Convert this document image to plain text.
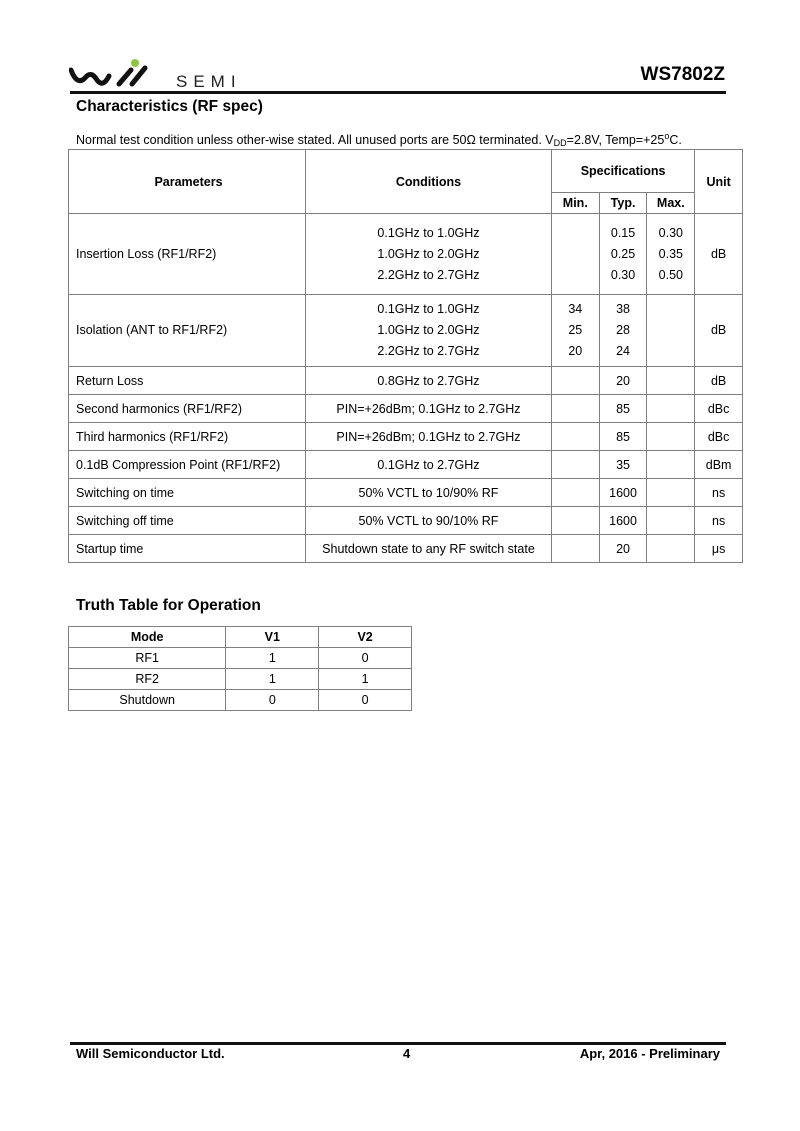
SEMI	WS7802Z
Characteristics (RF spec)
Normal test condition unless other-wise stated. All unused ports are 50Ω terminated. $V_{DD}=2.8V$, $Temp=+25^oC$.
Parameters	Conditions	Specifications			Unit
		Min.	Typ.	Max.	
Insertion Loss (RF1/RF2)	0.1GHz to 1.0GHz
1.0GHz to 2.0GHz
2.2GHz to 2.7GHz		0.15
0.25
0.30	0.30
0.35
0.50	dB
Isolation (ANT to RF1/RF2)	0.1GHz to 1.0GHz
1.0GHz to 2.0GHz
2.2GHz to 2.7GHz	34
25
20	38
28
24		dB
Return Loss	0.8GHz to 2.7GHz		20		dB
Second harmonics (RF1/RF2)	PIN=+26dBm; 0.1GHz to 2.7GHz		85		dBc
Third harmonics (RF1/RF2)	PIN=+26dBm; 0.1GHz to 2.7GHz		85		dBc
0.1dB Compression Point (RF1/RF2)	0.1GHz to 2.7GHz		35		dBm
Switching on time	50% VCTL to 10/90% RF		1600		ns
Switching off time	50% VCTL to 90/10% RF		1600		ns
Startup time	Shutdown state to any RF switch state		20		μs
Truth Table for Operation
Mode	V1	V2
RF1	1	0
RF2	1	1
Shutdown	0	0
Will Semiconductor Ltd.	4	Apr, 2016 - Preliminary
